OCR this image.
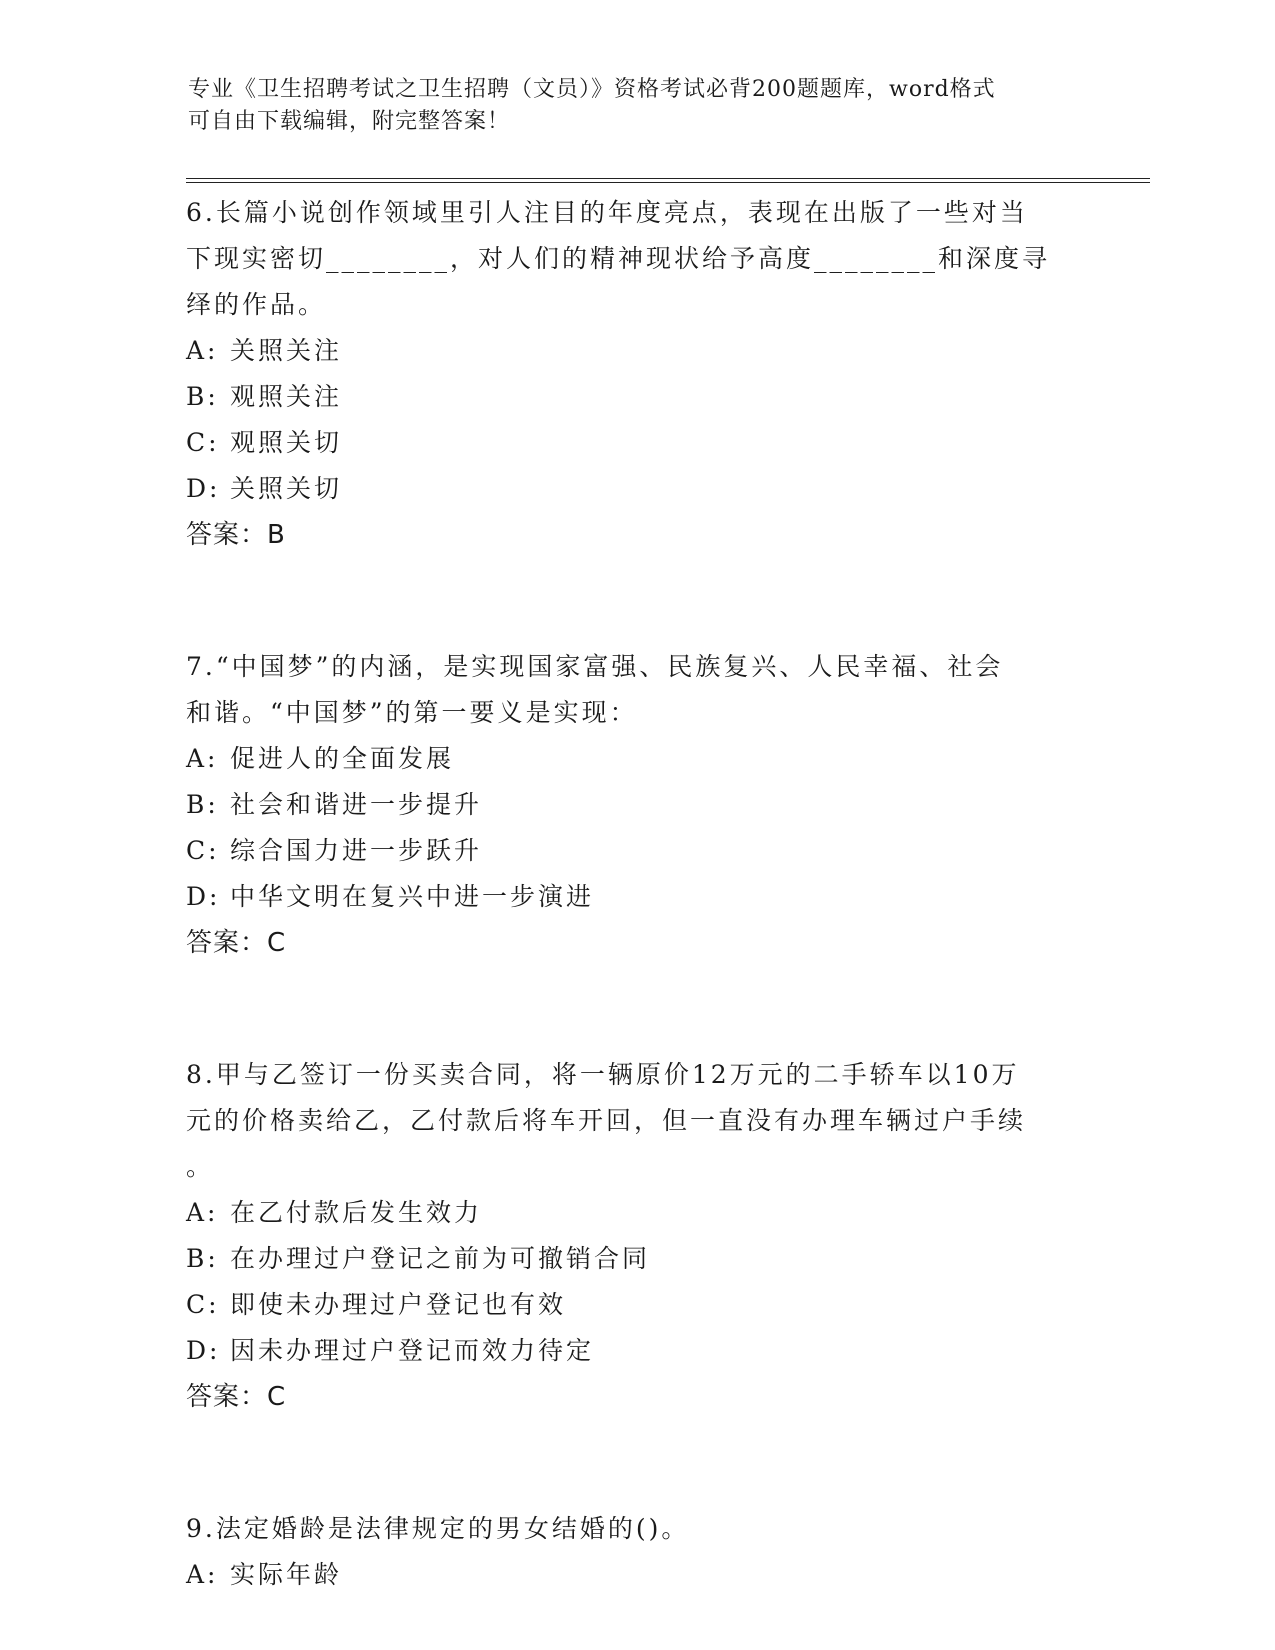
专业《卫生招聘考试之卫生招聘（文员）》资格考试必背200题题库，word格式
可自由下载编辑，附完整答案！
6.长篇小说创作领域里引人注目的年度亮点，表现在出版了一些对当
下现实密切________，对人们的精神现状给予高度________和深度寻
绎的作品。
A: 关照关注
B: 观照关注
C: 观照关切
D: 关照关切
答案：B
7.“中国梦”的内涵，是实现国家富强、民族复兴、人民幸福、社会
和谐。“中国梦”的第一要义是实现：
A: 促进人的全面发展
B: 社会和谐进一步提升
C: 综合国力进一步跃升
D: 中华文明在复兴中进一步演进
答案：C
8.甲与乙签订一份买卖合同，将一辆原价12万元的二手轿车以10万
元的价格卖给乙，乙付款后将车开回，但一直没有办理车辆过户手续
。
A: 在乙付款后发生效力
B: 在办理过户登记之前为可撤销合同
C: 即使未办理过户登记也有效
D: 因未办理过户登记而效力待定
答案：C
9.法定婚龄是法律规定的男女结婚的()。
A: 实际年龄
